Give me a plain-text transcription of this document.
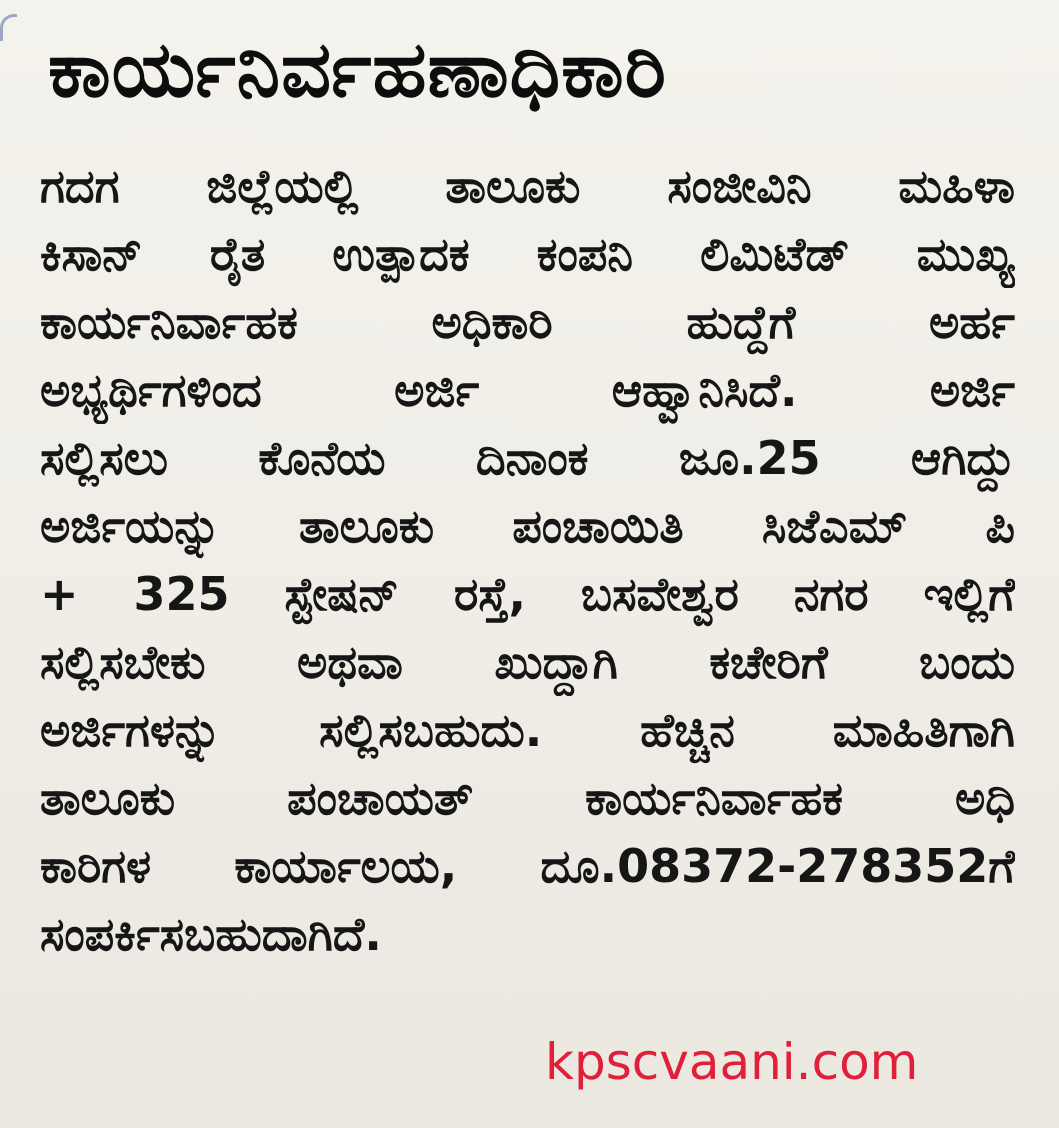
ಕಾರ್ಯನಿರ್ವಹಣಾಧಿಕಾರಿ
ಗದಗ ಜಿಲ್ಲೆಯಲ್ಲಿ ತಾಲೂಕು ಸಂಜೀವಿನಿ ಮಹಿಳಾ
ಕಿಸಾನ್ ರೈತ ಉತ್ಪಾದಕ ಕಂಪನಿ ಲಿಮಿಟೆಡ್ ಮುಖ್ಯ
ಕಾರ್ಯನಿರ್ವಾಹಕ	ಅಧಿಕಾರಿ	ಹುದ್ದೆಗೆ	ಅರ್ಹ
ಅಭ್ಯರ್ಥಿಗಳಿಂದ	ಅರ್ಜಿ	ಆಹ್ವಾನಿಸಿದೆ.	ಅರ್ಜಿ
ಸಲ್ಲಿಸಲು ಕೊನೆಯ ದಿನಾಂಕ ಜೂ.25 ಆಗಿದ್ದು
ಅರ್ಜಿಯನ್ನು ತಾಲೂಕು ಪಂಚಾಯಿತಿ ಸಿಜೆಎಮ್ ಪಿ
+ 325 ಸ್ಟೇಷನ್ ರಸ್ತೆ, ಬಸವೇಶ್ವರ ನಗರ ಇಲ್ಲಿಗೆ
ಸಲ್ಲಿಸಬೇಕು ಅಥವಾ ಖುದ್ದಾಗಿ ಕಚೇರಿಗೆ ಬಂದು
ಅರ್ಜಿಗಳನ್ನು ಸಲ್ಲಿಸಬಹುದು. ಹೆಚ್ಚಿನ ಮಾಹಿತಿಗಾಗಿ
ತಾಲೂಕು ಪಂಚಾಯತ್ ಕಾರ್ಯನಿರ್ವಾಹಕ ಅಧಿ
ಕಾರಿಗಳ ಕಾರ್ಯಾಲಯ, ದೂ.08372-278352ಗೆ
ಸಂಪರ್ಕಿಸಬಹುದಾಗಿದೆ.
kpscvaani.com
